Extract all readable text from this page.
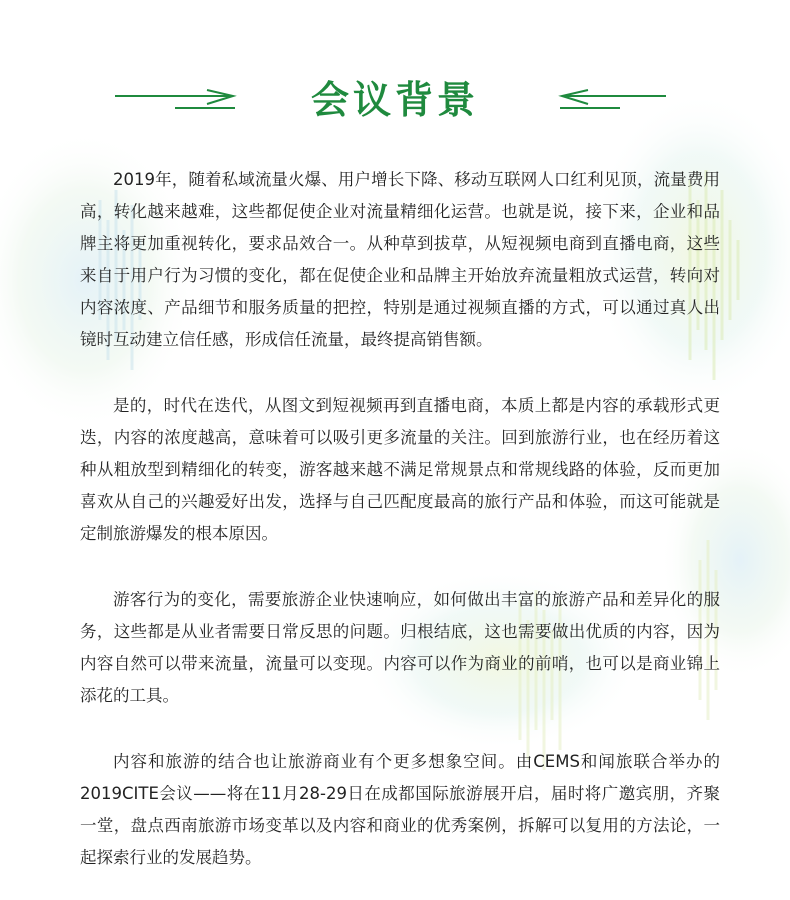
会议背景

2019年，随着私域流量火爆、用户增长下降、移动互联网人口红利见顶，流量费用高，转化越来越难，这些都促使企业对流量精细化运营。也就是说，接下来，企业和品牌主将更加重视转化，要求品效合一。从种草到拔草，从短视频电商到直播电商，这些来自于用户行为习惯的变化，都在促使企业和品牌主开始放弃流量粗放式运营，转向对内容浓度、产品细节和服务质量的把控，特别是通过视频直播的方式，可以通过真人出镜时互动建立信任感，形成信任流量，最终提高销售额。

是的，时代在迭代，从图文到短视频再到直播电商，本质上都是内容的承载形式更迭，内容的浓度越高，意味着可以吸引更多流量的关注。回到旅游行业，也在经历着这种从粗放型到精细化的转变，游客越来越不满足常规景点和常规线路的体验，反而更加喜欢从自己的兴趣爱好出发，选择与自己匹配度最高的旅行产品和体验，而这可能就是定制旅游爆发的根本原因。

游客行为的变化，需要旅游企业快速响应，如何做出丰富的旅游产品和差异化的服务，这些都是从业者需要日常反思的问题。归根结底，这也需要做出优质的内容，因为内容自然可以带来流量，流量可以变现。内容可以作为商业的前哨，也可以是商业锦上添花的工具。

内容和旅游的结合也让旅游商业有个更多想象空间。由CEMS和闻旅联合举办的2019CITE会议——将在11月28-29日在成都国际旅游展开启，届时将广邀宾朋，齐聚一堂，盘点西南旅游市场变革以及内容和商业的优秀案例，拆解可以复用的方法论，一起探索行业的发展趋势。
